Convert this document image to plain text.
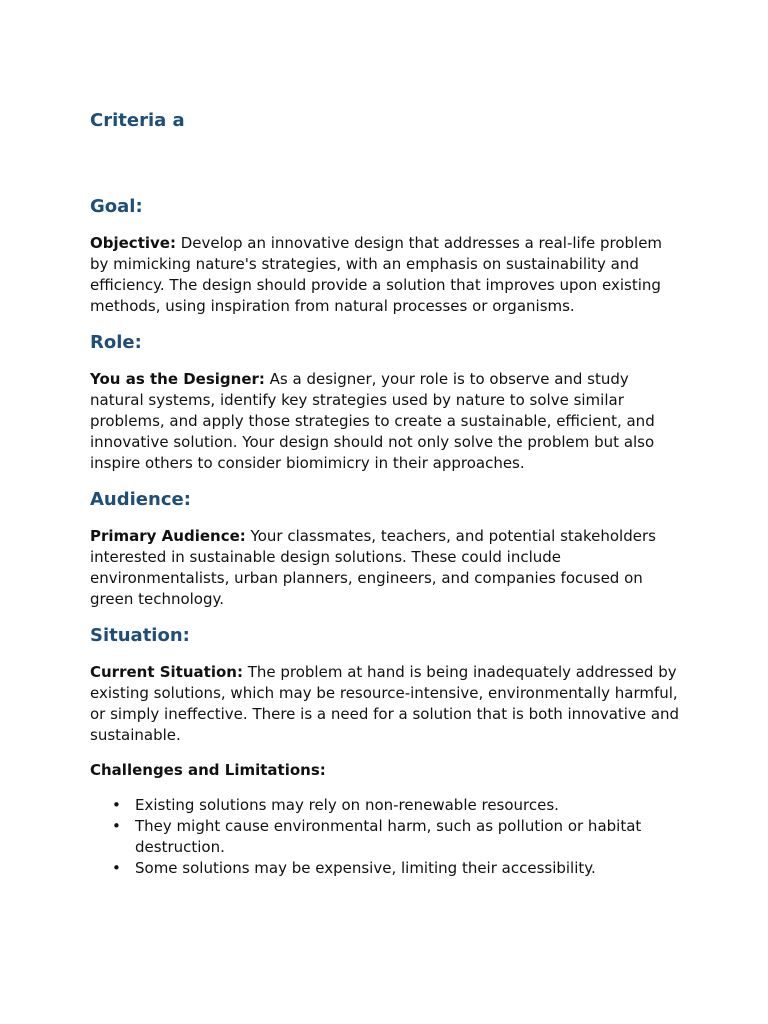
Criteria a
Goal:

Objective: Develop an innovative design that addresses a real-life problem by mimicking nature's strategies, with an emphasis on sustainability and efficiency. The design should provide a solution that improves upon existing methods, using inspiration from natural processes or organisms.

Role:

You as the Designer: As a designer, your role is to observe and study natural systems, identify key strategies used by nature to solve similar problems, and apply those strategies to create a sustainable, efficient, and innovative solution. Your design should not only solve the problem but also inspire others to consider biomimicry in their approaches.

Audience:

Primary Audience: Your classmates, teachers, and potential stakeholders interested in sustainable design solutions. These could include environmentalists, urban planners, engineers, and companies focused on green technology.

Situation:

Current Situation: The problem at hand is being inadequately addressed by existing solutions, which may be resource-intensive, environmentally harmful, or simply ineffective. There is a need for a solution that is both innovative and sustainable.

Challenges and Limitations:

• Existing solutions may rely on non-renewable resources.
• They might cause environmental harm, such as pollution or habitat destruction.
• Some solutions may be expensive, limiting their accessibility.
